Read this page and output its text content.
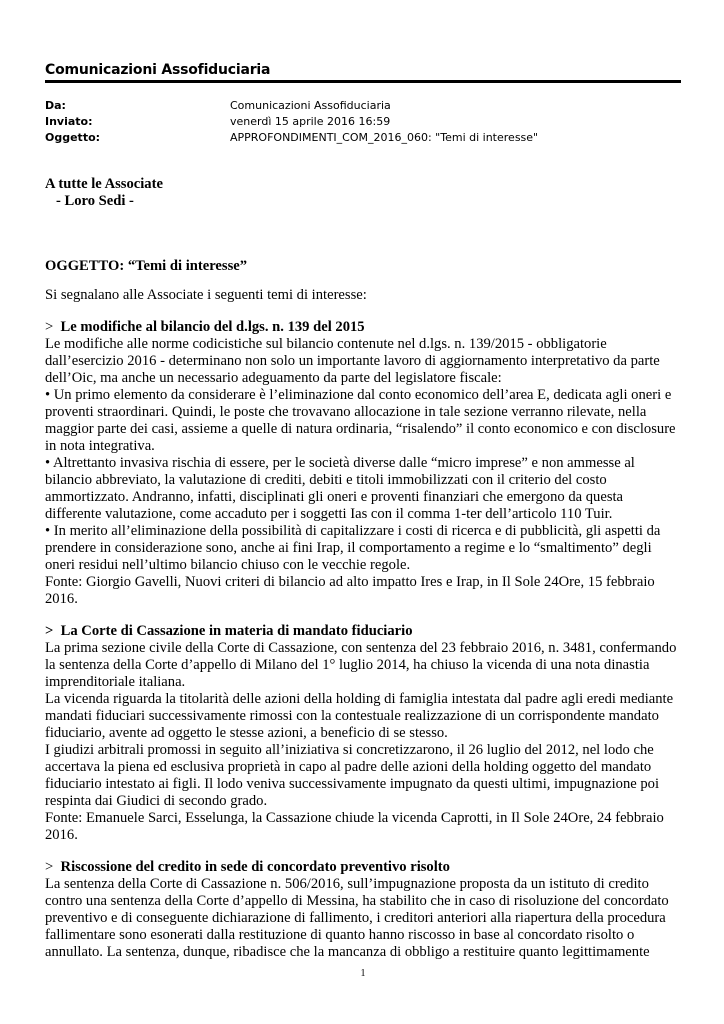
Comunicazioni Assofiduciaria
Da:	Comunicazioni Assofiduciaria
Inviato:	venerdì 15 aprile 2016 16:59
Oggetto:	APPROFONDIMENTI_COM_2016_060: "Temi di interesse"

A tutte le Associate

- Loro Sedi -

OGGETTO: “Temi di interesse”

Si segnalano alle Associate i seguenti temi di interesse:

> Le modifiche al bilancio del d.lgs. n. 139 del 2015

Le modifiche alle norme codicistiche sul bilancio contenute nel d.lgs. n. 139/2015 - obbligatorie dall’esercizio 2016 - determinano non solo un importante lavoro di aggiornamento interpretativo da parte dell’Oic, ma anche un necessario adeguamento da parte del legislatore fiscale:

• Un primo elemento da considerare è l’eliminazione dal conto economico dell’area E, dedicata agli oneri e proventi straordinari. Quindi, le poste che trovavano allocazione in tale sezione verranno rilevate, nella maggior parte dei casi, assieme a quelle di natura ordinaria, “risalendo” il conto economico e con disclosure in nota integrativa.

• Altrettanto invasiva rischia di essere, per le società diverse dalle “micro imprese” e non ammesse al bilancio abbreviato, la valutazione di crediti, debiti e titoli immobilizzati con il criterio del costo ammortizzato. Andranno, infatti, disciplinati gli oneri e proventi finanziari che emergono da questa differente valutazione, come accaduto per i soggetti Ias con il comma 1-ter dell’articolo 110 Tuir.

• In merito all’eliminazione della possibilità di capitalizzare i costi di ricerca e di pubblicità, gli aspetti da prendere in considerazione sono, anche ai fini Irap, il comportamento a regime e lo “smaltimento” degli oneri residui nell’ultimo bilancio chiuso con le vecchie regole.

Fonte: Giorgio Gavelli, Nuovi criteri di bilancio ad alto impatto Ires e Irap, in Il Sole 24Ore, 15 febbraio 2016.

> La Corte di Cassazione in materia di mandato fiduciario

La prima sezione civile della Corte di Cassazione, con sentenza del 23 febbraio 2016, n. 3481, confermando la sentenza della Corte d’appello di Milano del 1° luglio 2014, ha chiuso la vicenda di una nota dinastia imprenditoriale italiana.

La vicenda riguarda la titolarità delle azioni della holding di famiglia intestata dal padre agli eredi mediante mandati fiduciari successivamente rimossi con la contestuale realizzazione di un corrispondente mandato fiduciario, avente ad oggetto le stesse azioni, a beneficio di se stesso.

I giudizi arbitrali promossi in seguito all’iniziativa si concretizzarono, il 26 luglio del 2012, nel lodo che accertava la piena ed esclusiva proprietà in capo al padre delle azioni della holding oggetto del mandato fiduciario intestato ai figli. Il lodo veniva successivamente impugnato da questi ultimi, impugnazione poi respinta dai Giudici di secondo grado.

Fonte: Emanuele Sarci, Esselunga, la Cassazione chiude la vicenda Caprotti, in Il Sole 24Ore, 24 febbraio 2016.

> Riscossione del credito in sede di concordato preventivo risolto

La sentenza della Corte di Cassazione n. 506/2016, sull’impugnazione proposta da un istituto di credito contro una sentenza della Corte d’appello di Messina, ha stabilito che in caso di risoluzione del concordato preventivo e di conseguente dichiarazione di fallimento, i creditori anteriori alla riapertura della procedura fallimentare sono esonerati dalla restituzione di quanto hanno riscosso in base al concordato risolto o annullato. La sentenza, dunque, ribadisce che la mancanza di obbligo a restituire quanto legittimamente

1
